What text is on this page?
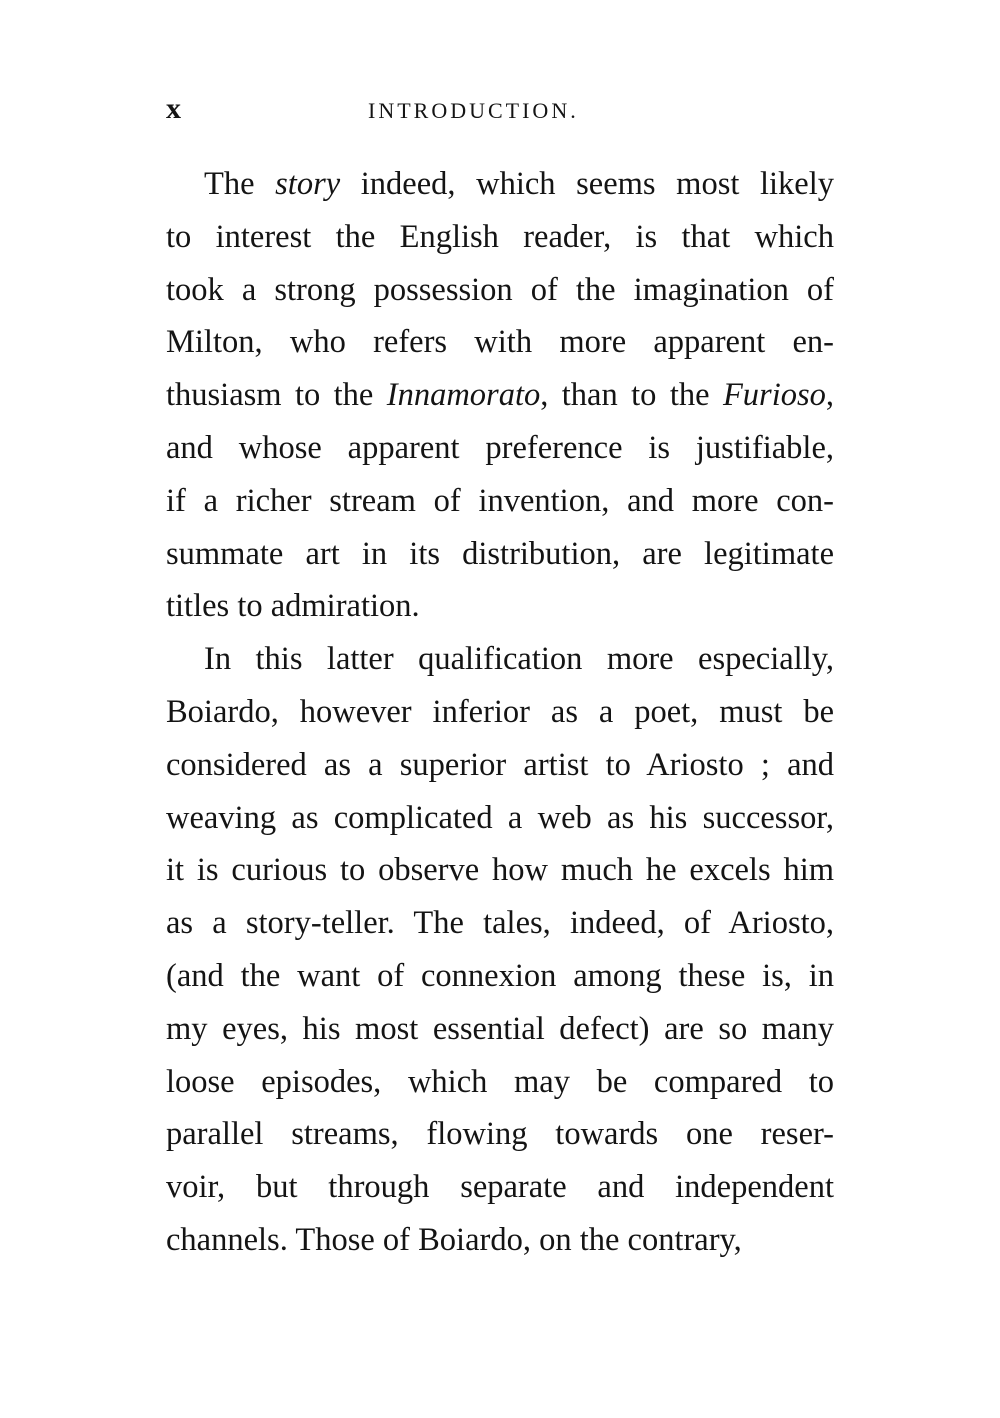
x	INTRODUCTION.

The story indeed, which seems most likely
to interest the English reader, is that which
took a strong possession of the imagination of
Milton, who refers with more apparent en-
thusiasm to the Innamorato, than to the Furioso,
and whose apparent preference is justifiable,
if a richer stream of invention, and more con-
summate art in its distribution, are legitimate
titles to admiration.

In this latter qualification more especially,
Boiardo, however inferior as a poet, must be
considered as a superior artist to Ariosto ; and
weaving as complicated a web as his successor,
it is curious to observe how much he excels him
as a story-teller. The tales, indeed, of Ariosto,
(and the want of connexion among these is, in
my eyes, his most essential defect) are so many
loose episodes, which may be compared to
parallel streams, flowing towards one reser-
voir, but through separate and independent
channels. Those of Boiardo, on the contrary,
